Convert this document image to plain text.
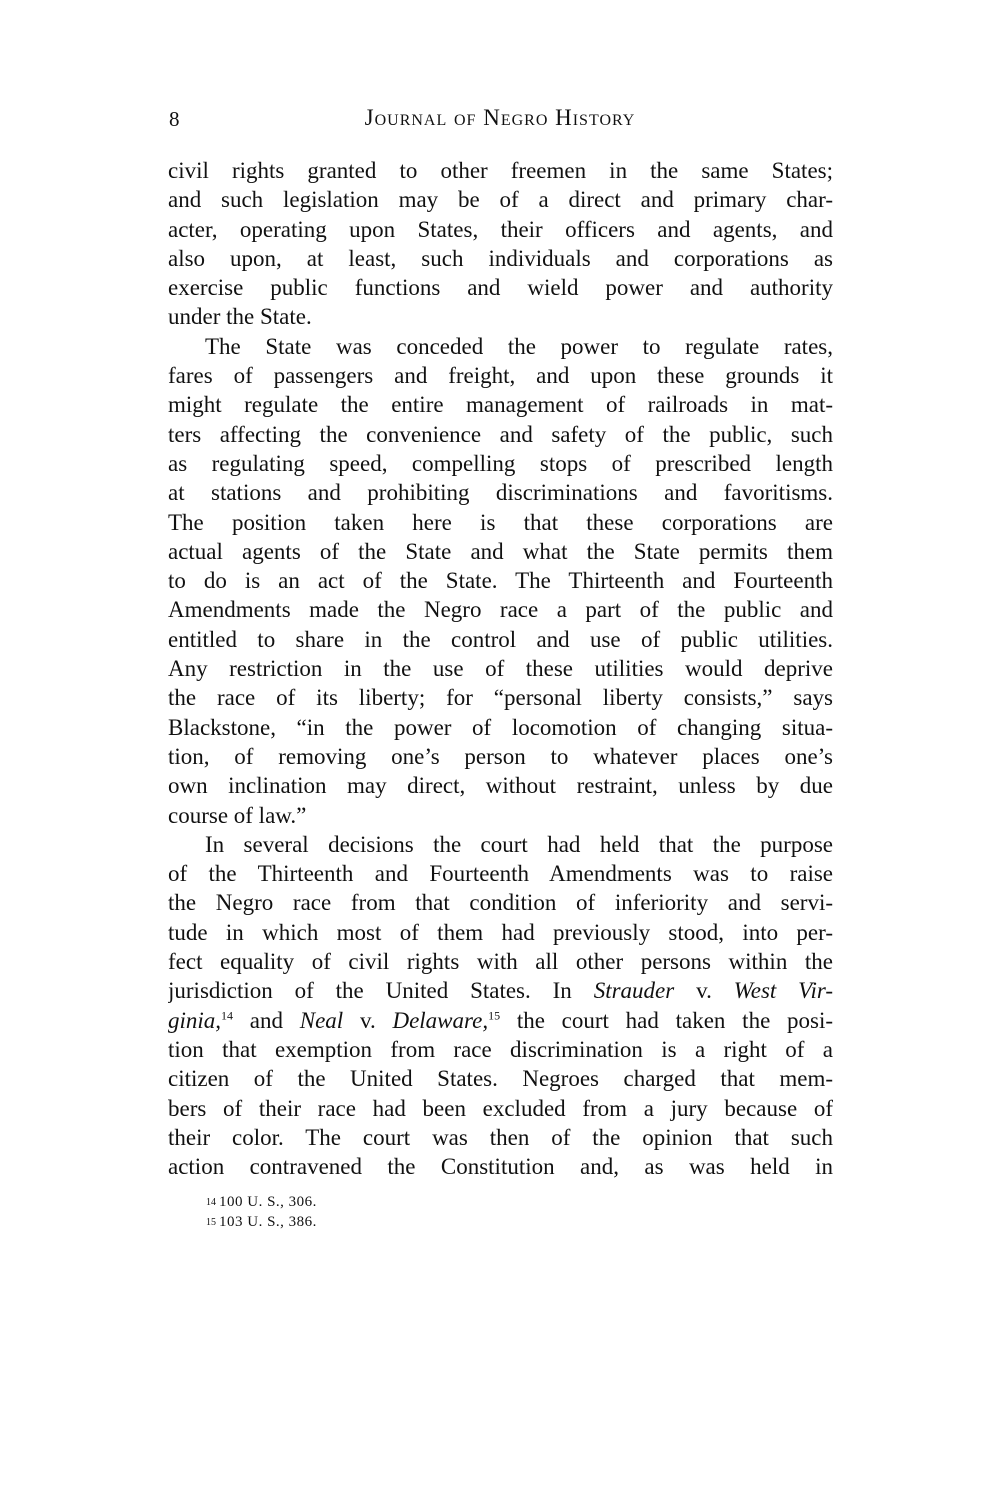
8	Journal of Negro History
civil rights granted to other freemen in the same States;
and such legislation may be of a direct and primary char-
acter, operating upon States, their officers and agents, and
also upon, at least, such individuals and corporations as
exercise public functions and wield power and authority
under the State.
The State was conceded the power to regulate rates,
fares of passengers and freight, and upon these grounds it
might regulate the entire management of railroads in mat-
ters affecting the convenience and safety of the public, such
as regulating speed, compelling stops of prescribed length
at stations and prohibiting discriminations and favoritisms.
The position taken here is that these corporations are
actual agents of the State and what the State permits them
to do is an act of the State. The Thirteenth and Fourteenth
Amendments made the Negro race a part of the public and
entitled to share in the control and use of public utilities.
Any restriction in the use of these utilities would deprive
the race of its liberty; for “personal liberty consists,” says
Blackstone, “in the power of locomotion of changing situa-
tion, of removing one’s person to whatever places one’s
own inclination may direct, without restraint, unless by due
course of law.”
In several decisions the court had held that the purpose
of the Thirteenth and Fourteenth Amendments was to raise
the Negro race from that condition of inferiority and servi-
tude in which most of them had previously stood, into per-
fect equality of civil rights with all other persons within the
jurisdiction of the United States. In Strauder v. West Vir-
ginia,$^{14}$ and Neal v. Delaware,$^{15}$ the court had taken the posi-
tion that exemption from race discrimination is a right of a
citizen of the United States. Negroes charged that mem-
bers of their race had been excluded from a jury because of
their color. The court was then of the opinion that such
action contravened the Constitution and, as was held in
$^{14}$ 100 U. S., 306.
$^{15}$ 103 U. S., 386.
